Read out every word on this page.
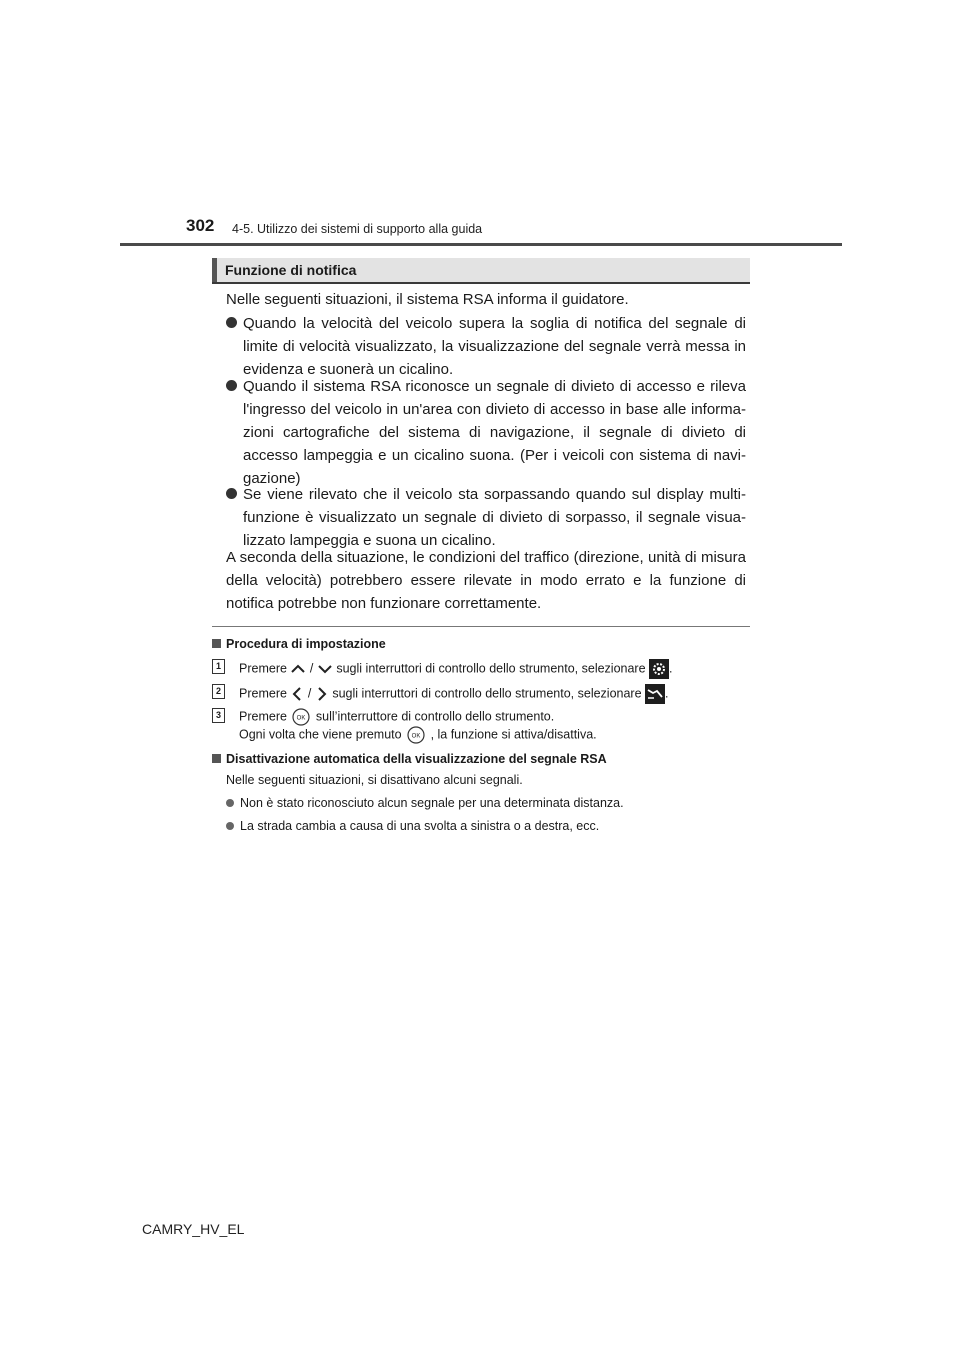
302 4-5. Utilizzo dei sistemi di supporto alla guida
Funzione di notifica
Nelle seguenti situazioni, il sistema RSA informa il guidatore.
Quando la velocità del veicolo supera la soglia di notifica del segnale di limite di velocità visualizzato, la visualizzazione del segnale verrà messa in evidenza e suonerà un cicalino.
Quando il sistema RSA riconosce un segnale di divieto di accesso e rileva l'ingresso del veicolo in un'area con divieto di accesso in base alle informa-zioni cartografiche del sistema di navigazione, il segnale di divieto di accesso lampeggia e un cicalino suona. (Per i veicoli con sistema di navi-gazione)
Se viene rilevato che il veicolo sta sorpassando quando sul display multi-funzione è visualizzato un segnale di divieto di sorpasso, il segnale visua-lizzato lampeggia e suona un cicalino.
A seconda della situazione, le condizioni del traffico (direzione, unità di misura della velocità) potrebbero essere rilevate in modo errato e la funzione di notifica potrebbe non funzionare correttamente.
Procedura di impostazione
1	Premere / sugli interruttori di controllo dello strumento, selezionare .
2	Premere / sugli interruttori di controllo dello strumento, selezionare .
3	Premere OK sull’interruttore di controllo dello strumento.
Ogni volta che viene premuto OK , la funzione si attiva/disattiva.
Disattivazione automatica della visualizzazione del segnale RSA
Nelle seguenti situazioni, si disattivano alcuni segnali.
Non è stato riconosciuto alcun segnale per una determinata distanza.
La strada cambia a causa di una svolta a sinistra o a destra, ecc.
CAMRY_HV_EL
